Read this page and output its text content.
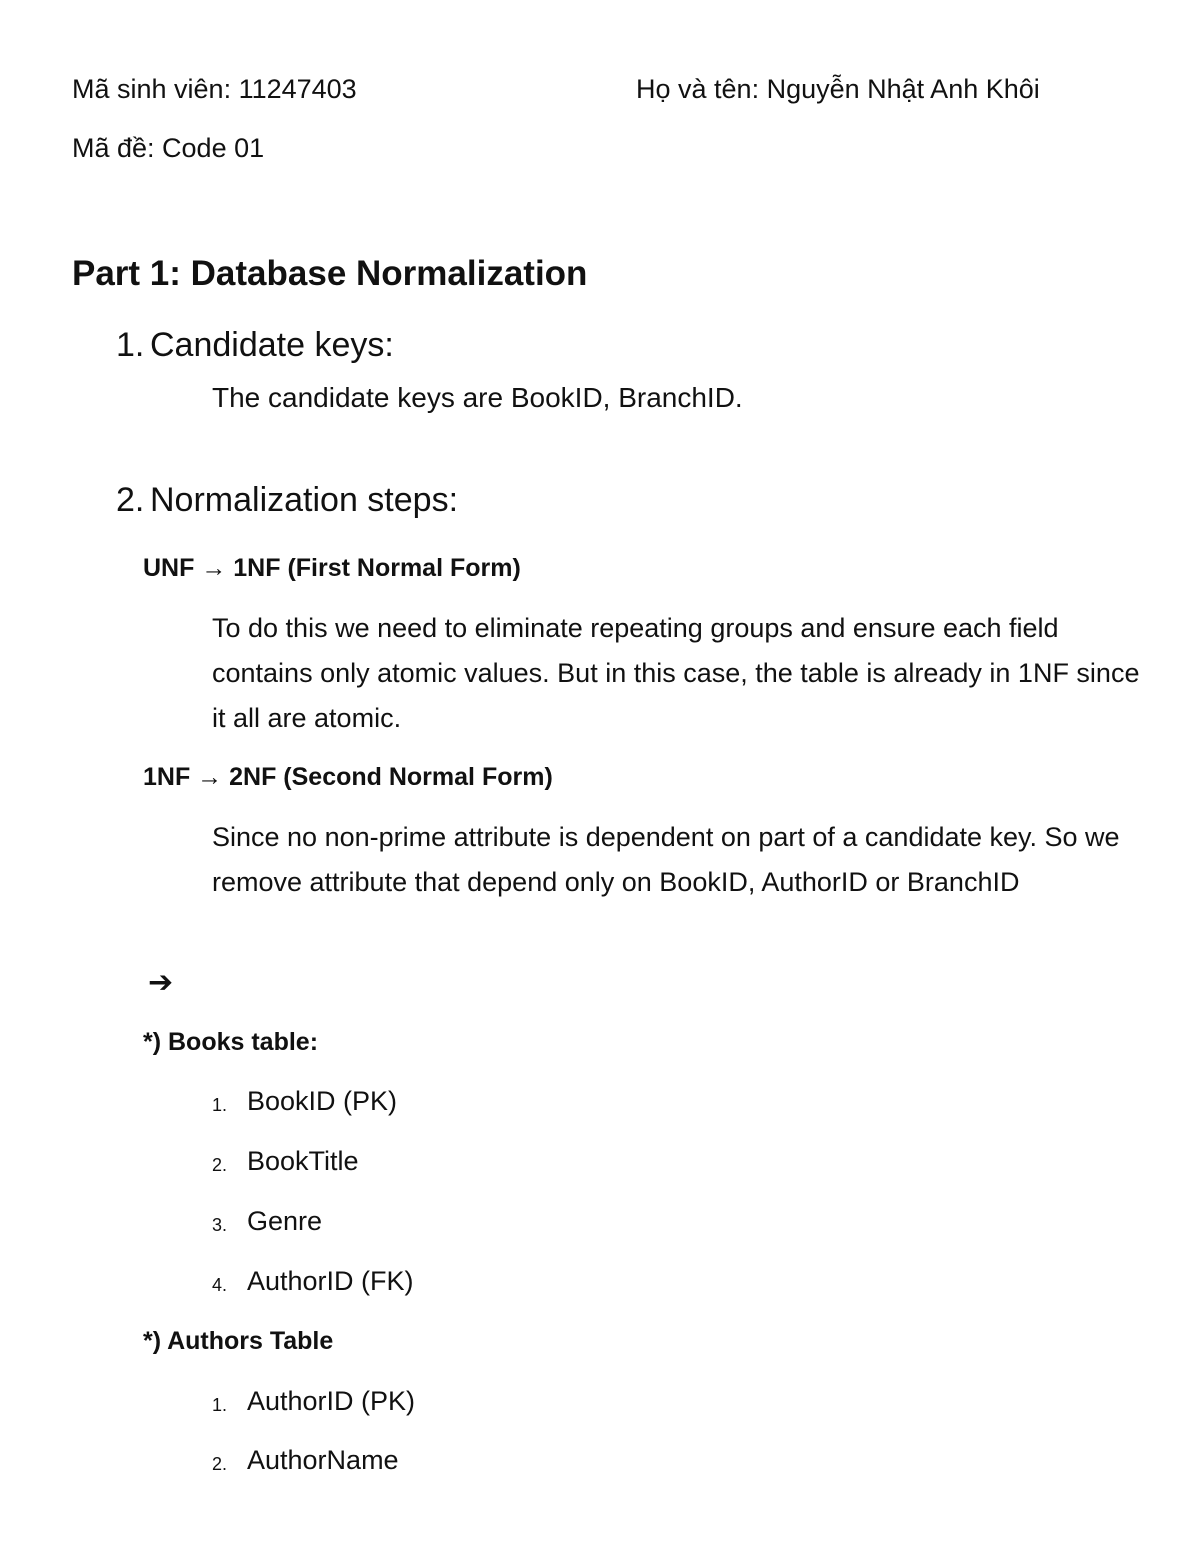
Mã sinh viên: 11247403	Họ và tên: Nguyễn Nhật Anh Khôi
Mã đề: Code 01
Part 1: Database Normalization
1. Candidate keys:
The candidate keys are BookID, BranchID.
2. Normalization steps:
UNF → 1NF (First Normal Form)
To do this we need to eliminate repeating groups and ensure each field contains only atomic values. But in this case, the table is already in 1NF since it all are atomic.
1NF → 2NF (Second Normal Form)
Since no non-prime attribute is dependent on part of a candidate key. So we remove attribute that depend only on BookID, AuthorID or BranchID
➔
*) Books table:
1. BookID (PK)
2. BookTitle
3. Genre
4. AuthorID (FK)
*) Authors Table
1. AuthorID (PK)
2. AuthorName
